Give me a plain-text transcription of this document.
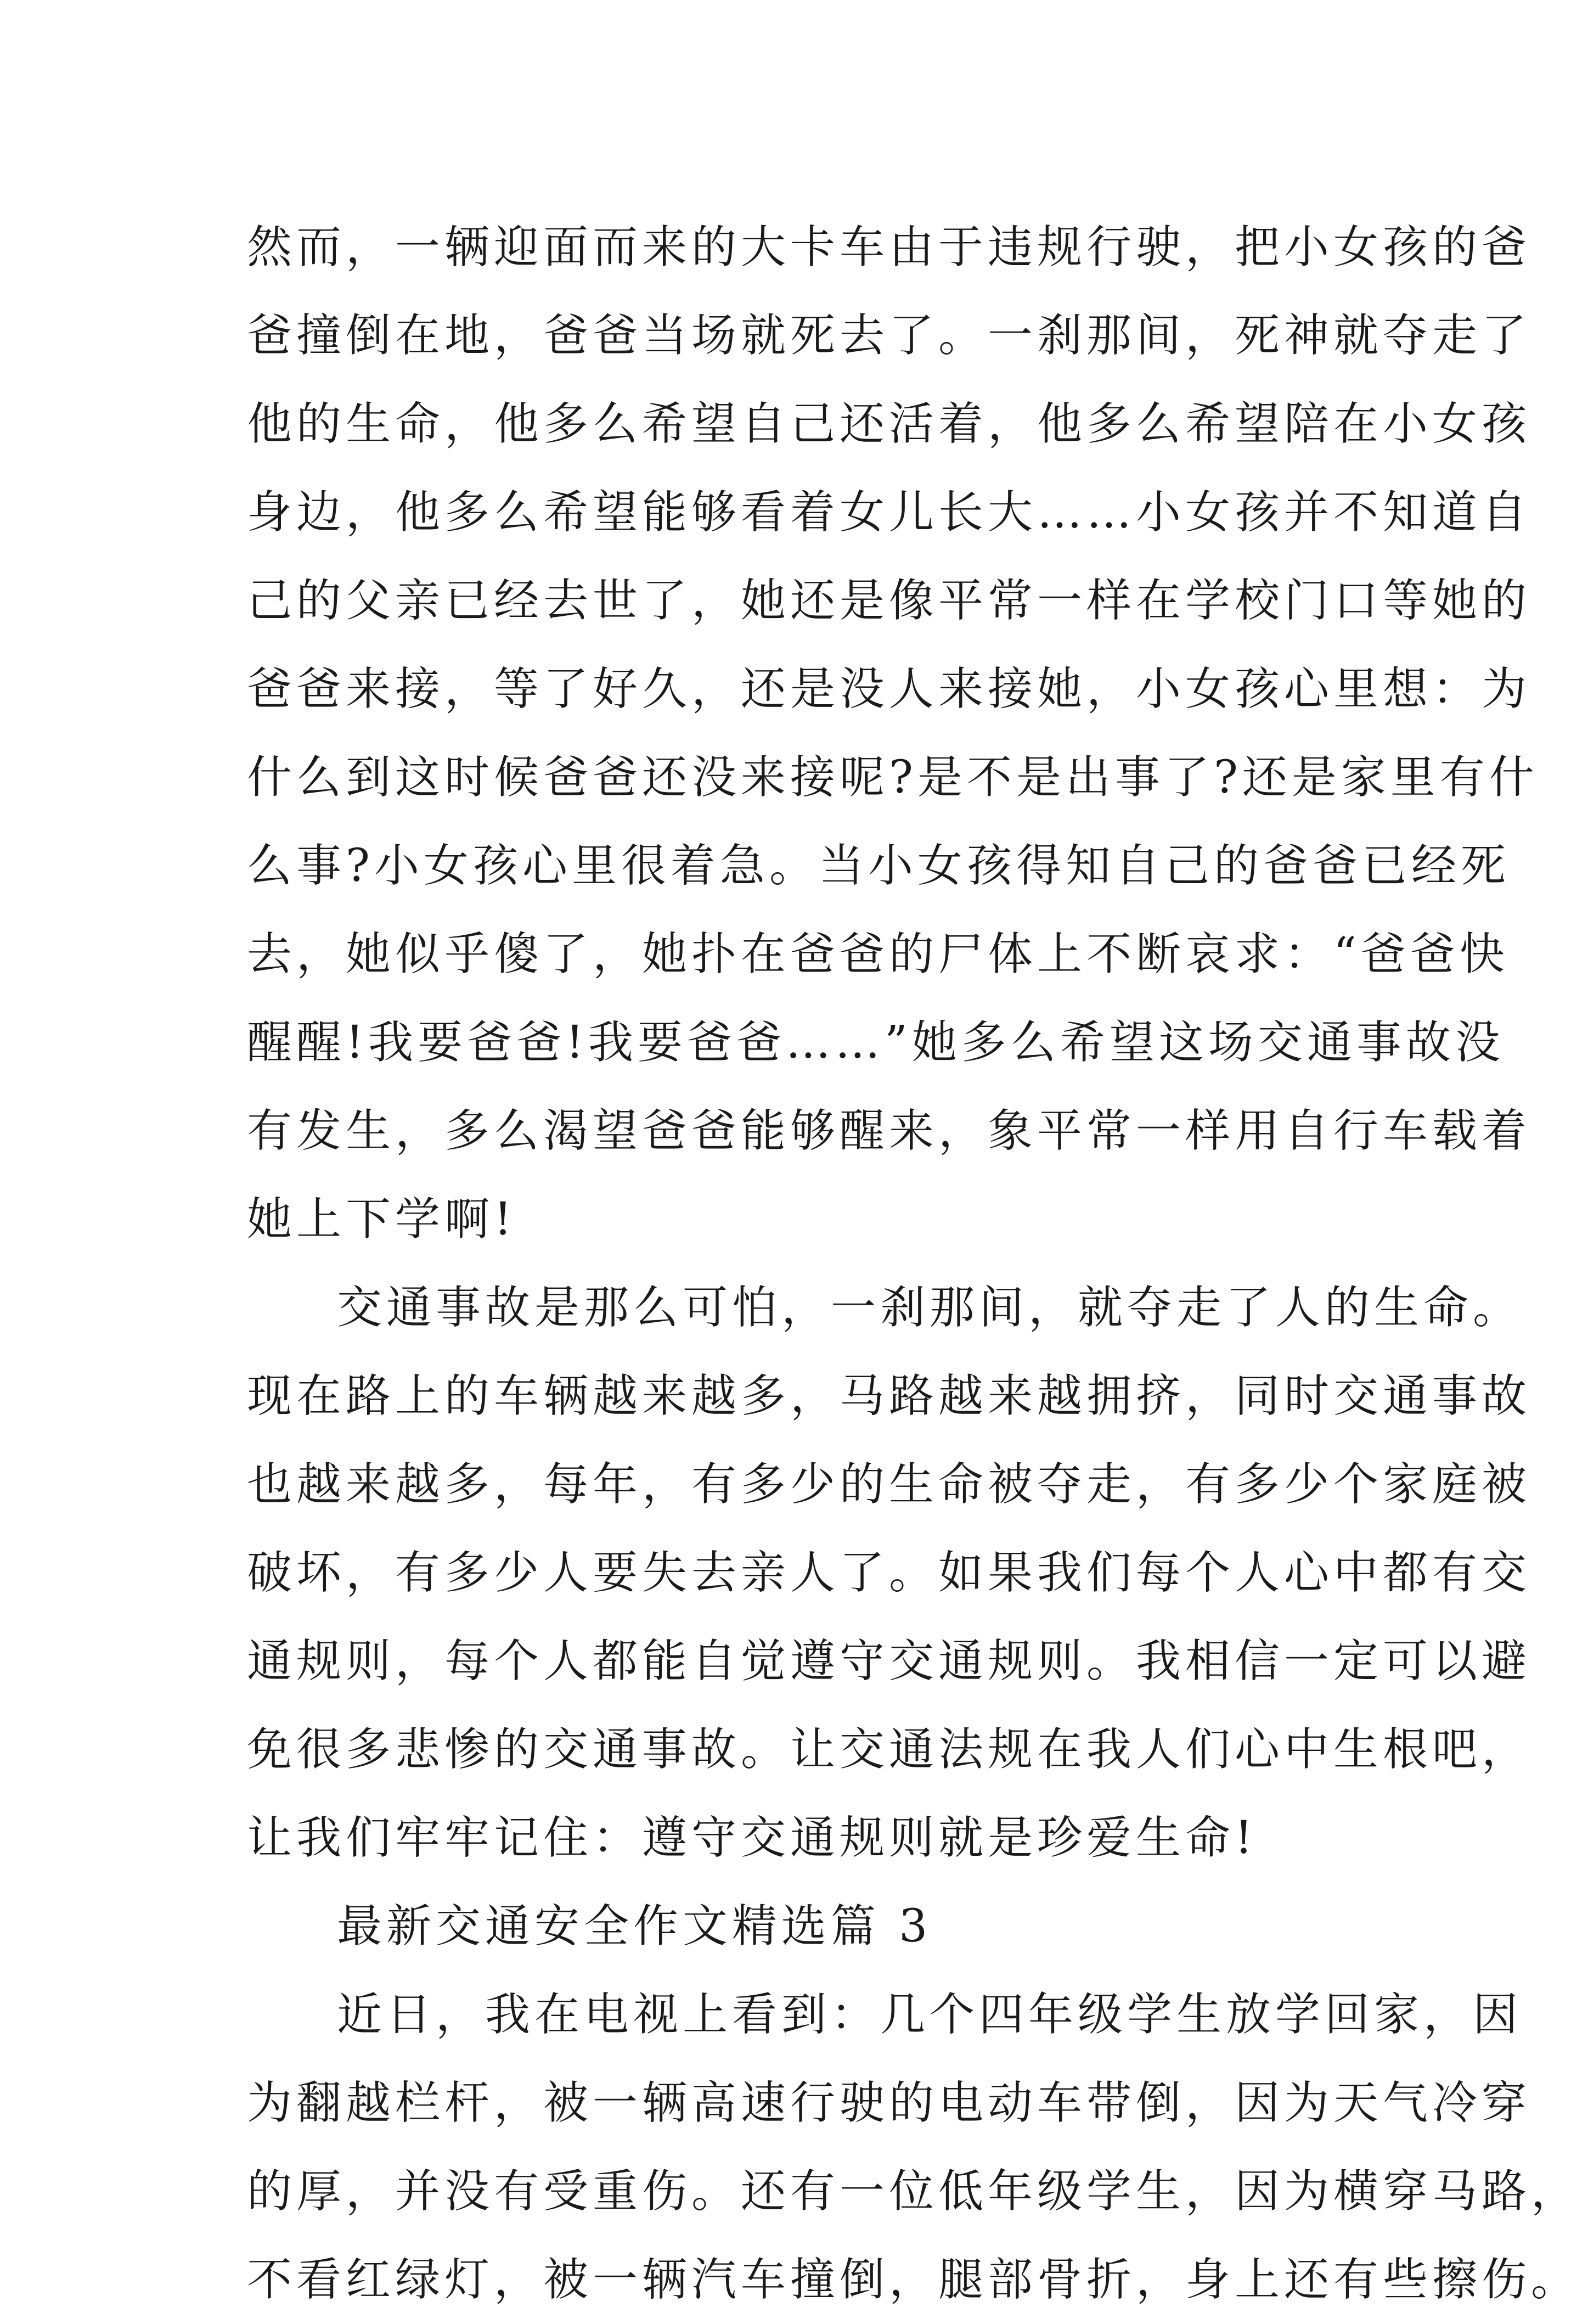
然而，一辆迎面而来的大卡车由于违规行驶，把小女孩的爸
爸撞倒在地，爸爸当场就死去了。一刹那间，死神就夺走了
他的生命，他多么希望自己还活着，他多么希望陪在小女孩
身边，他多么希望能够看着女儿长大……小女孩并不知道自
己的父亲已经去世了，她还是像平常一样在学校门口等她的
爸爸来接，等了好久，还是没人来接她，小女孩心里想：为
什么到这时候爸爸还没来接呢?是不是出事了?还是家里有什
么事?小女孩心里很着急。当小女孩得知自己的爸爸已经死
去，她似乎傻了，她扑在爸爸的尸体上不断哀求：“爸爸快
醒醒!我要爸爸!我要爸爸……”她多么希望这场交通事故没
有发生，多么渴望爸爸能够醒来，象平常一样用自行车载着
她上下学啊!
交通事故是那么可怕，一刹那间，就夺走了人的生命。
现在路上的车辆越来越多，马路越来越拥挤，同时交通事故
也越来越多，每年，有多少的生命被夺走，有多少个家庭被
破坏，有多少人要失去亲人了。如果我们每个人心中都有交
通规则，每个人都能自觉遵守交通规则。我相信一定可以避
免很多悲惨的交通事故。让交通法规在我人们心中生根吧，
让我们牢牢记住：遵守交通规则就是珍爱生命!
最新交通安全作文精选篇 3
近日，我在电视上看到：几个四年级学生放学回家，因
为翻越栏杆，被一辆高速行驶的电动车带倒，因为天气冷穿
的厚，并没有受重伤。还有一位低年级学生，因为横穿马路，
不看红绿灯，被一辆汽车撞倒，腿部骨折，身上还有些擦伤。
